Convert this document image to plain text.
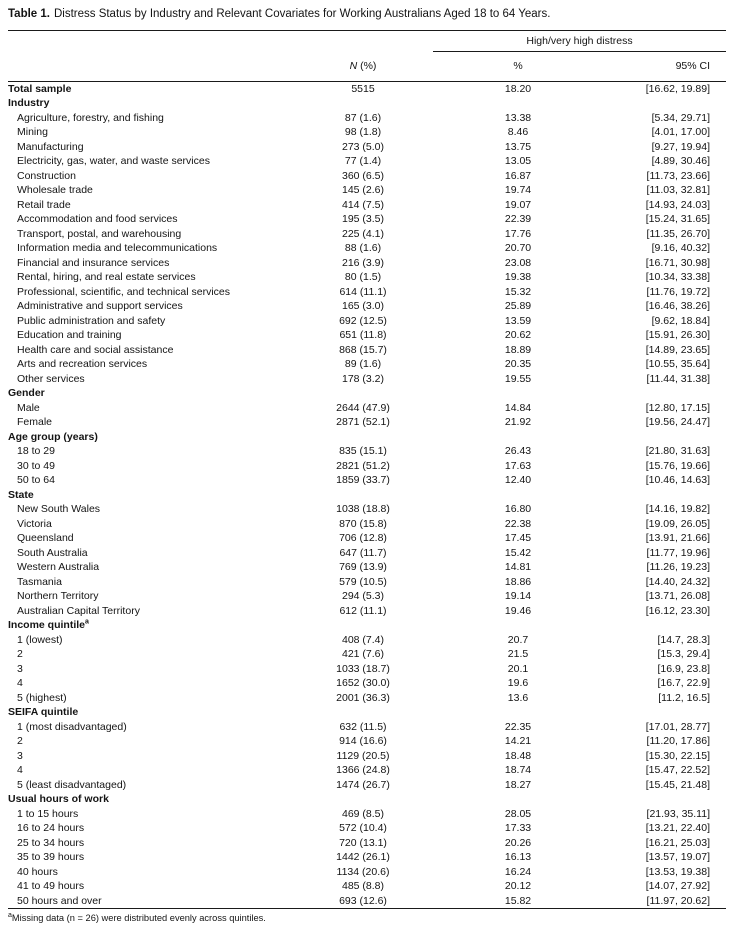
Table 1. Distress Status by Industry and Relevant Covariates for Working Australians Aged 18 to 64 Years.

		High/very high distress	
	N (%)	%	95% CI
Total sample	5515	18.20	[16.62, 19.89]
Industry			
Agriculture, forestry, and fishing	87 (1.6)	13.38	[5.34, 29.71]
Mining	98 (1.8)	8.46	[4.01, 17.00]
Manufacturing	273 (5.0)	13.75	[9.27, 19.94]
Electricity, gas, water, and waste services	77 (1.4)	13.05	[4.89, 30.46]
Construction	360 (6.5)	16.87	[11.73, 23.66]
Wholesale trade	145 (2.6)	19.74	[11.03, 32.81]
Retail trade	414 (7.5)	19.07	[14.93, 24.03]
Accommodation and food services	195 (3.5)	22.39	[15.24, 31.65]
Transport, postal, and warehousing	225 (4.1)	17.76	[11.35, 26.70]
Information media and telecommunications	88 (1.6)	20.70	[9.16, 40.32]
Financial and insurance services	216 (3.9)	23.08	[16.71, 30.98]
Rental, hiring, and real estate services	80 (1.5)	19.38	[10.34, 33.38]
Professional, scientific, and technical services	614 (11.1)	15.32	[11.76, 19.72]
Administrative and support services	165 (3.0)	25.89	[16.46, 38.26]
Public administration and safety	692 (12.5)	13.59	[9.62, 18.84]
Education and training	651 (11.8)	20.62	[15.91, 26.30]
Health care and social assistance	868 (15.7)	18.89	[14.89, 23.65]
Arts and recreation services	89 (1.6)	20.35	[10.55, 35.64]
Other services	178 (3.2)	19.55	[11.44, 31.38]
Gender			
Male	2644 (47.9)	14.84	[12.80, 17.15]
Female	2871 (52.1)	21.92	[19.56, 24.47]
Age group (years)			
18 to 29	835 (15.1)	26.43	[21.80, 31.63]
30 to 49	2821 (51.2)	17.63	[15.76, 19.66]
50 to 64	1859 (33.7)	12.40	[10.46, 14.63]
State			
New South Wales	1038 (18.8)	16.80	[14.16, 19.82]
Victoria	870 (15.8)	22.38	[19.09, 26.05]
Queensland	706 (12.8)	17.45	[13.91, 21.66]
South Australia	647 (11.7)	15.42	[11.77, 19.96]
Western Australia	769 (13.9)	14.81	[11.26, 19.23]
Tasmania	579 (10.5)	18.86	[14.40, 24.32]
Northern Territory	294 (5.3)	19.14	[13.71, 26.08]
Australian Capital Territory	612 (11.1)	19.46	[16.12, 23.30]
Income quintile$^a$			
1 (lowest)	408 (7.4)	20.7	[14.7, 28.3]
2	421 (7.6)	21.5	[15.3, 29.4]
3	1033 (18.7)	20.1	[16.9, 23.8]
4	1652 (30.0)	19.6	[16.7, 22.9]
5 (highest)	2001 (36.3)	13.6	[11.2, 16.5]
SEIFA quintile			
1 (most disadvantaged)	632 (11.5)	22.35	[17.01, 28.77]
2	914 (16.6)	14.21	[11.20, 17.86]
3	1129 (20.5)	18.48	[15.30, 22.15]
4	1366 (24.8)	18.74	[15.47, 22.52]
5 (least disadvantaged)	1474 (26.7)	18.27	[15.45, 21.48]
Usual hours of work			
1 to 15 hours	469 (8.5)	28.05	[21.93, 35.11]
16 to 24 hours	572 (10.4)	17.33	[13.21, 22.40]
25 to 34 hours	720 (13.1)	20.26	[16.21, 25.03]
35 to 39 hours	1442 (26.1)	16.13	[13.57, 19.07]
40 hours	1134 (20.6)	16.24	[13.53, 19.38]
41 to 49 hours	485 (8.8)	20.12	[14.07, 27.92]
50 hours and over	693 (12.6)	15.82	[11.97, 20.62]
$^a$Missing data (n = 26) were distributed evenly across quintiles.
